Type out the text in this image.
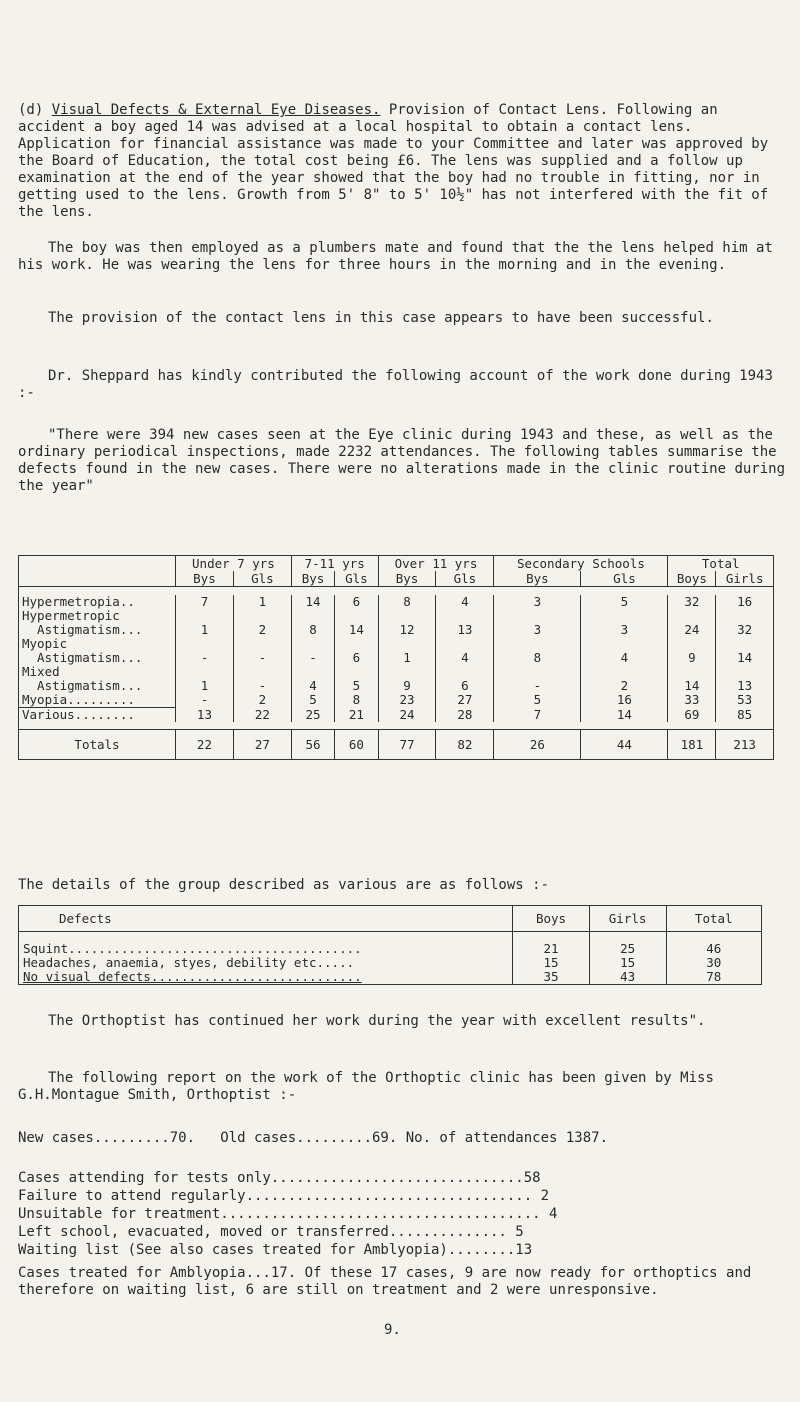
(d) Visual Defects & External Eye Diseases. Provision of Contact Lens. Following an accident a boy aged 14 was advised at a local hospital to obtain a contact lens. Application for financial assistance was made to your Committee and later was approved by the Board of Education, the total cost being £6. The lens was supplied and a follow up examination at the end of the year showed that the boy had no trouble in fitting, nor in getting used to the lens. Growth from 5' 8" to 5' 10½" has not interfered with the fit of the lens.

The boy was then employed as a plumbers mate and found that the the lens helped him at his work. He was wearing the lens for three hours in the morning and in the evening.

The provision of the contact lens in this case appears to have been successful.

Dr. Sheppard has kindly contributed the following account of the work done during 1943 :-

"There were 394 new cases seen at the Eye clinic during 1943 and these, as well as the ordinary periodical inspections, made 2232 attendances. The following tables summarise the defects found in the new cases. There were no alterations made in the clinic routine during the year"

	Under 7 yrs		7-11 yrs		Over 11 yrs		Secondary Schools		Total	
	Bys	Gls	Bys	Gls	Bys	Gls	Bys	Gls	Boys	Girls

Hypermetropia..	7	1	14	6	8	4	3	5	32	16
Hypermetropic										
Astigmatism...	1	2	8	14	12	13	3	3	24	32
Myopic										
Astigmatism...	-	-	-	6	1	4	8	4	9	14
Mixed										
Astigmatism...	1	-	4	5	9	6	-	2	14	13
Myopia.........	-	2	5	8	23	27	5	16	33	53
Various........	13	22	25	21	24	28	7	14	69	85

Totals	22	27	56	60	77	82	26	44	181	213

The details of the group described as various are as follows :-

Defects	Boys	Girls	Total

Squint.......................................	21	25	46
Headaches, anaemia, styes, debility etc.....	15	15	30
No visual defects............................	35	43	78

The Orthoptist has continued her work during the year with excellent results".

The following report on the work of the Orthoptic clinic has been given by Miss G.H.Montague Smith, Orthoptist :-

New cases.........70.   Old cases.........69. No. of attendances 1387.

Cases attending for tests only..............................58

Failure to attend regularly.................................. 2

Unsuitable for treatment...................................... 4

Left school, evacuated, moved or transferred.............. 5

Waiting list (See also cases treated for Amblyopia)........13

Cases treated for Amblyopia...17. Of these 17 cases, 9 are now ready for orthoptics and therefore on waiting list, 6 are still on treatment and 2 were unresponsive.

9.
